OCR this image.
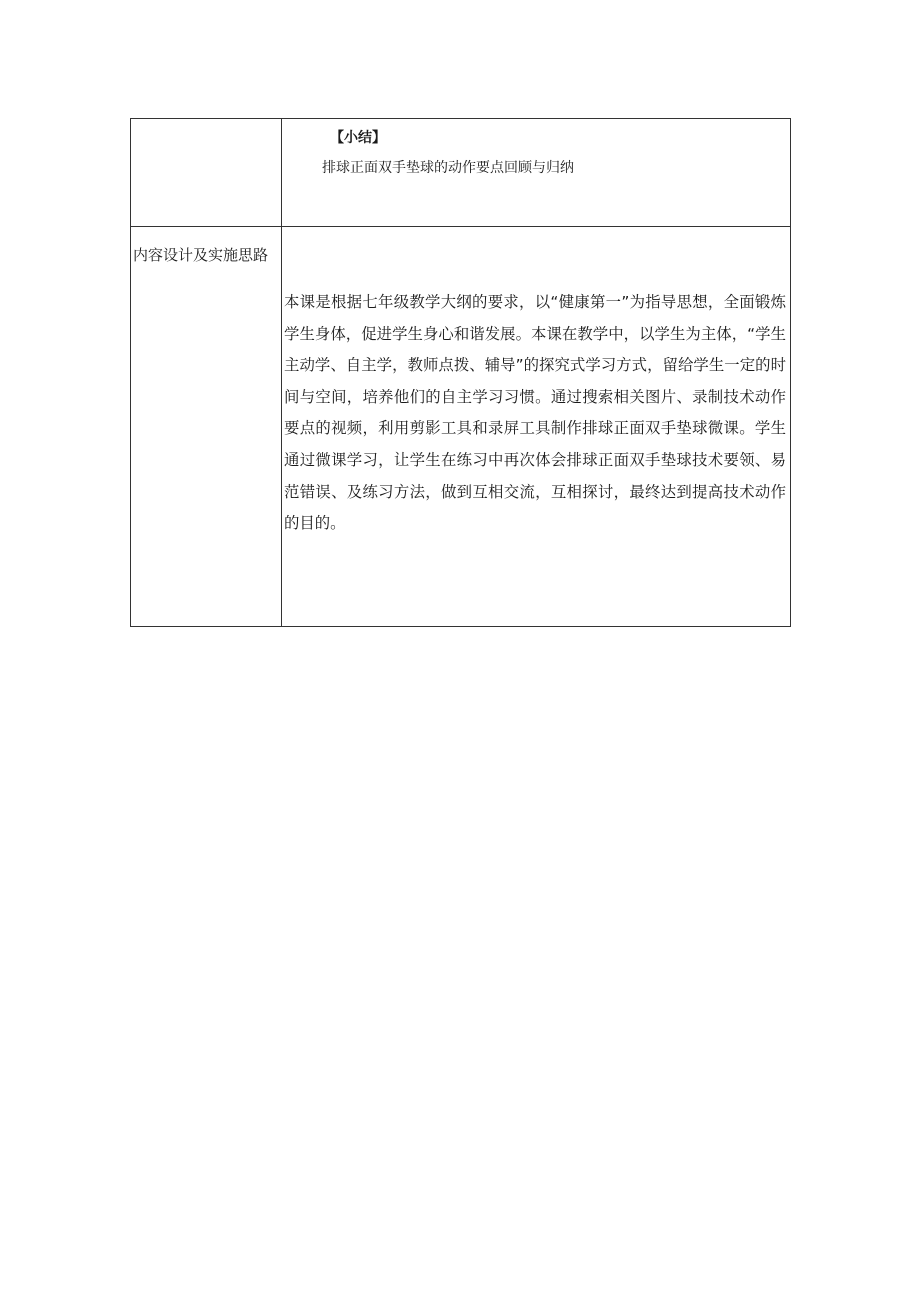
	【小结】
排球正面双手垫球的动作要点回顾与归纳

内容设计及实施思路	本课是根据七年级教学大纲的要求，以“健康第一”为指导思想，全面锻炼学生身体，促进学生身心和谐发展。本课在教学中，以学生为主体，“学生主动学、自主学，教师点拨、辅导”的探究式学习方式，留给学生一定的时间与空间，培养他们的自主学习习惯。通过搜索相关图片、录制技术动作要点的视频，利用剪影工具和录屏工具制作排球正面双手垫球微课。学生通过微课学习，让学生在练习中再次体会排球正面双手垫球技术要领、易范错误、及练习方法，做到互相交流，互相探讨，最终达到提高技术动作的目的。
